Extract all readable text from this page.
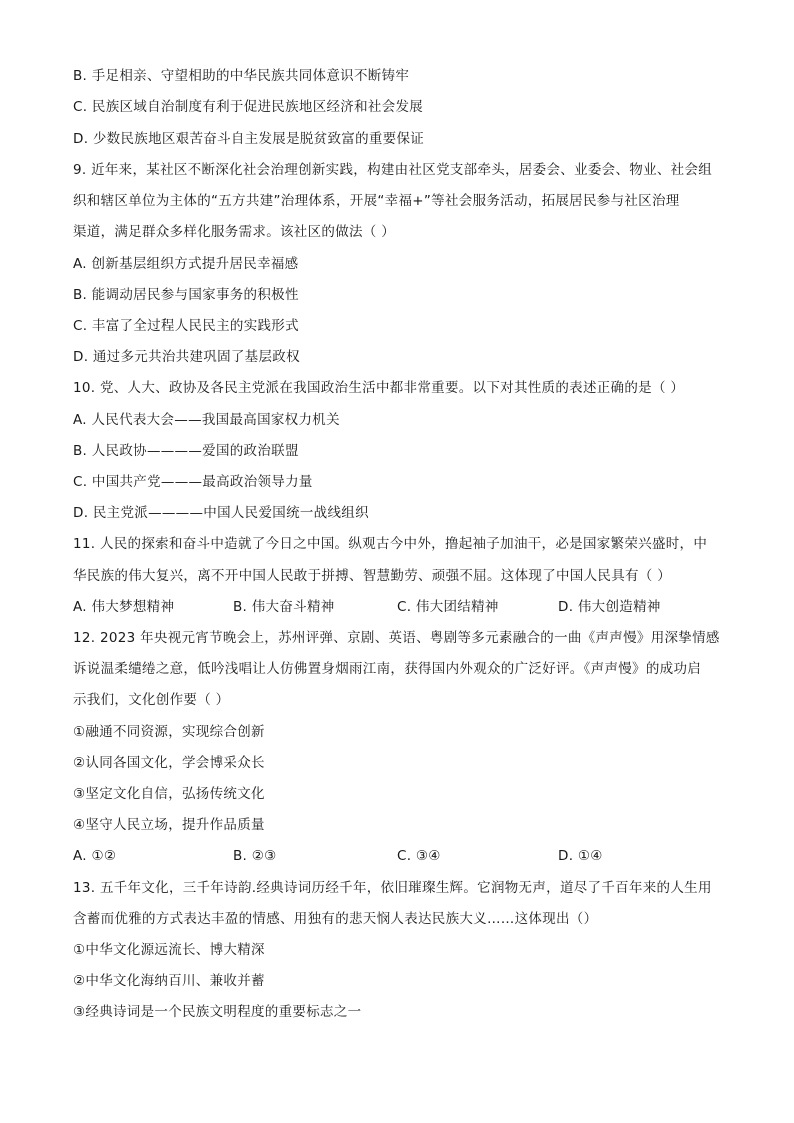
B. 手足相亲、守望相助的中华民族共同体意识不断铸牢
C. 民族区域自治制度有利于促进民族地区经济和社会发展
D. 少数民族地区艰苦奋斗自主发展是脱贫致富的重要保证
9. 近年来，某社区不断深化社会治理创新实践，构建由社区党支部牵头，居委会、业委会、物业、社会组
织和辖区单位为主体的“五方共建”治理体系，开展“幸福+”等社会服务活动，拓展居民参与社区治理
渠道，满足群众多样化服务需求。该社区的做法（ ）
A. 创新基层组织方式提升居民幸福感
B. 能调动居民参与国家事务的积极性
C. 丰富了全过程人民民主的实践形式
D. 通过多元共治共建巩固了基层政权
10. 党、人大、政协及各民主党派在我国政治生活中都非常重要。以下对其性质的表述正确的是（ ）
A. 人民代表大会——我国最高国家权力机关
B. 人民政协————爱国的政治联盟
C. 中国共产党———最高政治领导力量
D. 民主党派————中国人民爱国统一战线组织
11. 人民的探索和奋斗中造就了今日之中国。纵观古今中外，撸起袖子加油干，必是国家繁荣兴盛时，中
华民族的伟大复兴，离不开中国人民敢于拼搏、智慧勤劳、顽强不屈。这体现了中国人民具有（ ）
A. 伟大梦想精神	B. 伟大奋斗精神	C. 伟大团结精神	D. 伟大创造精神
12. 2023 年央视元宵节晚会上，苏州评弹、京剧、英语、粤剧等多元素融合的一曲《声声慢》用深挚情感
诉说温柔缱绻之意，低吟浅唱让人仿佛置身烟雨江南，获得国内外观众的广泛好评。《声声慢》的成功启
示我们，文化创作要（ ）
①融通不同资源，实现综合创新
②认同各国文化，学会博采众长
③坚定文化自信，弘扬传统文化
④坚守人民立场，提升作品质量
A. ①②	B. ②③	C. ③④	D. ①④
13. 五千年文化，三千年诗韵.经典诗词历经千年，依旧璀璨生辉。它润物无声，道尽了千百年来的人生用
含蓄而优雅的方式表达丰盈的情感、用独有的悲天悯人表达民族大义……这体现出（）
①中华文化源远流长、博大精深
②中华文化海纳百川、兼收并蓄
③经典诗词是一个民族文明程度的重要标志之一
